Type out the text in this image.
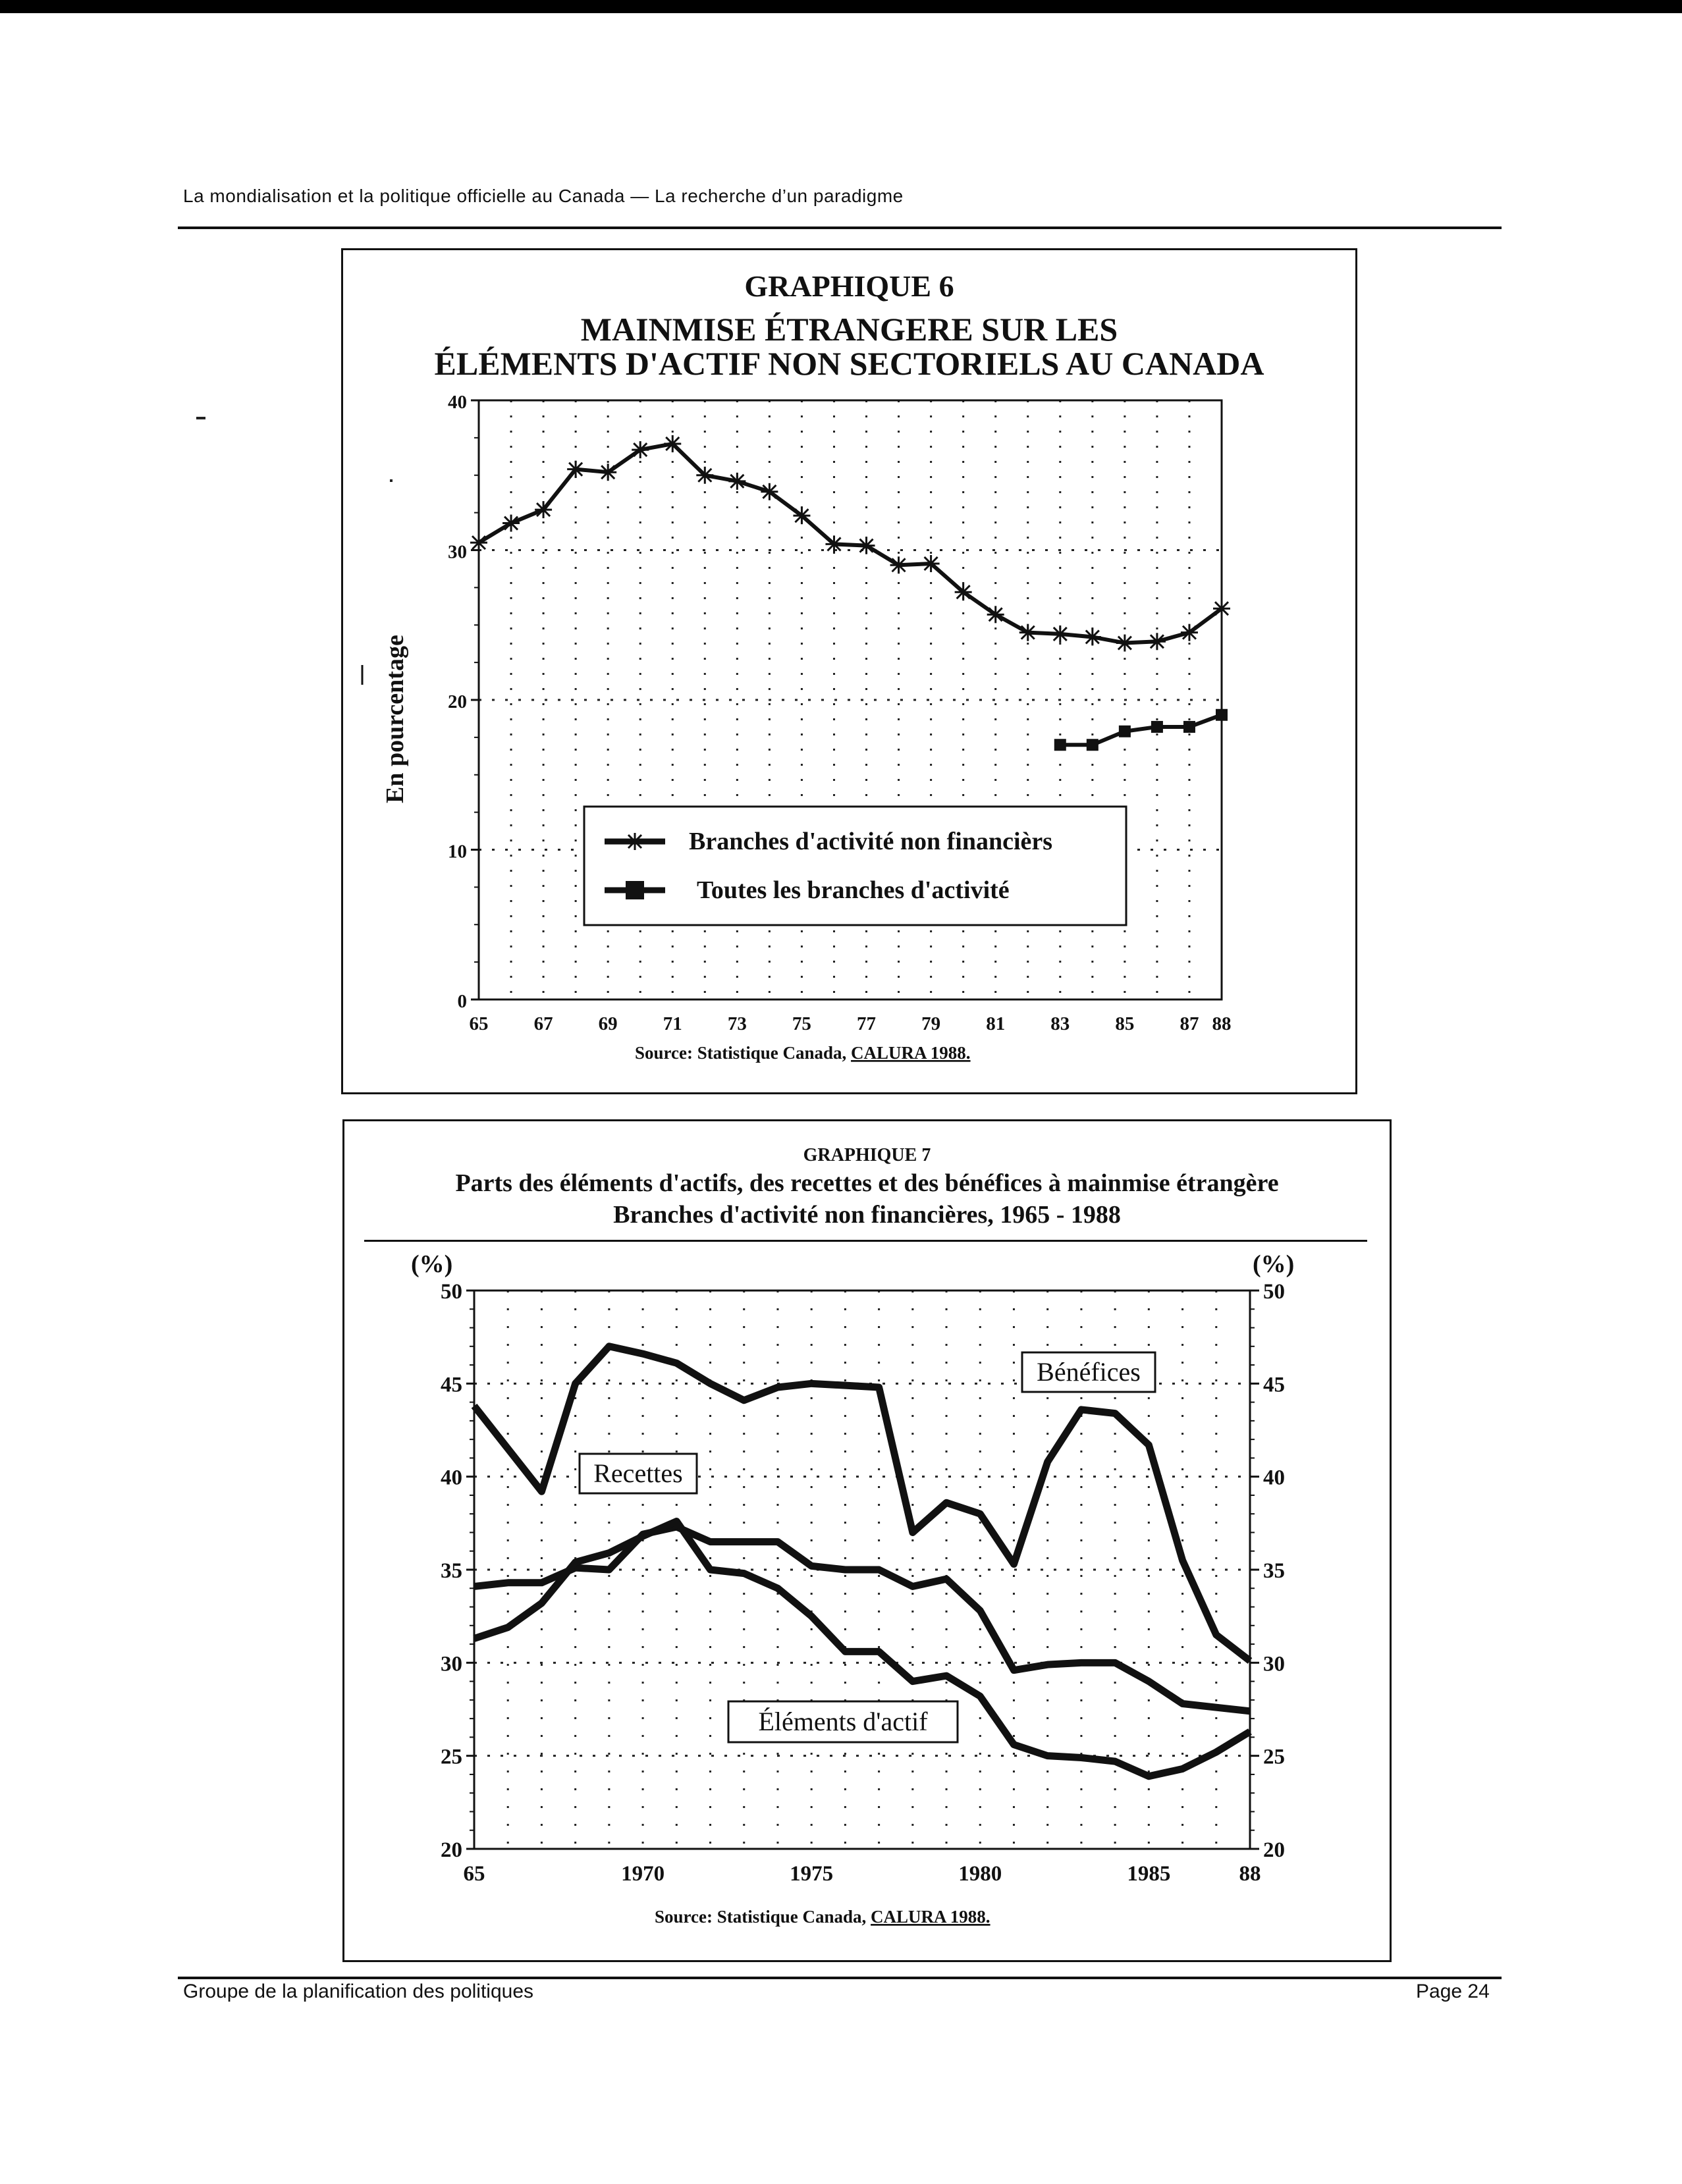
La mondialisation et la politique officielle au Canada — La recherche d’un paradigme
GRAPHIQUE 6
MAINMISE ÉTRANGERE SUR LES
ÉLÉMENTS D'ACTIF NON SECTORIELS AU CANADA
0
10
20
30
40
65 67 69 71 73 75 77 79 81 83 85 87 88
Branches d'activité non financièrs
Toutes les branches d'activité
En pourcentage
Source: Statistique Canada, CALURA 1988.
GRAPHIQUE 7
Parts des éléments d'actifs, des recettes et des bénéfices à mainmise étrangère
Branches d'activité non financières, 1965 - 1988
20	20
25	25
30	30
35	35
40	40
45	45
50	50
65	1970	1975	1980	1985	88
(%)	(%)
Bénéfices
Recettes
Éléments d'actif
Source: Statistique Canada, CALURA 1988.
Groupe de la planification des politiques	Page 24
